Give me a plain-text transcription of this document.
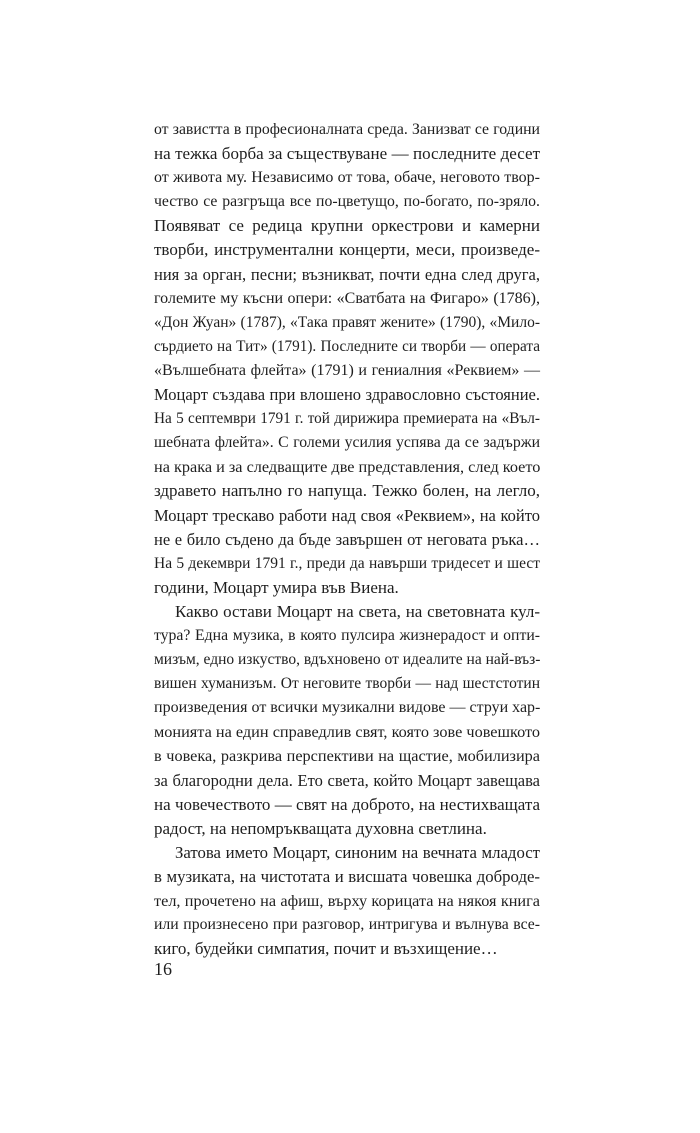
от завистта в професионалната среда. Занизват се години
на тежка борба за съществуване — последните десет
от живота му. Независимо от това, обаче, неговото твор-
чество се разгръща все по-цветущо, по-богато, по-зряло.
Появяват се редица крупни оркестрови и камерни
творби, инструментални концерти, меси, произведе-
ния за орган, песни; възникват, почти една след друга,
големите му късни опери: «Сватбата на Фигаро» (1786),
«Дон Жуан» (1787), «Така правят жените» (1790), «Мило-
сърдието на Тит» (1791). Последните си творби — операта
«Вълшебната флейта» (1791) и гениалния «Реквием» —
Моцарт създава при влошено здравословно състояние.
На 5 септември 1791 г. той дирижира премиерата на «Въл-
шебната флейта». С големи усилия успява да се задържи
на крака и за следващите две представления, след което
здравето напълно го напуща. Тежко болен, на легло,
Моцарт трескаво работи над своя «Реквием», на който
не е било съдено да бъде завършен от неговата ръка…
На 5 декември 1791 г., преди да навърши тридесет и шест
години, Моцарт умира във Виена.
Какво остави Моцарт на света, на световната кул-
тура? Една музика, в която пулсира жизнерадост и опти-
мизъм, едно изкуство, вдъхновено от идеалите на най-въз-
вишен хуманизъм. От неговите творби — над шестстотин
произведения от всички музикални видове — струи хар-
монията на един справедлив свят, която зове човешкото
в човека, разкрива перспективи на щастие, мобилизира
за благородни дела. Ето света, който Моцарт завещава
на човечеството — свят на доброто, на нестихващата
радост, на непомръкващата духовна светлина.
Затова името Моцарт, синоним на вечната младост
в музиката, на чистотата и висшата човешка доброде-
тел, прочетено на афиш, върху корицата на някоя книга
или произнесено при разговор, интригува и вълнува все-
киго, будейки симпатия, почит и възхищение…
16
